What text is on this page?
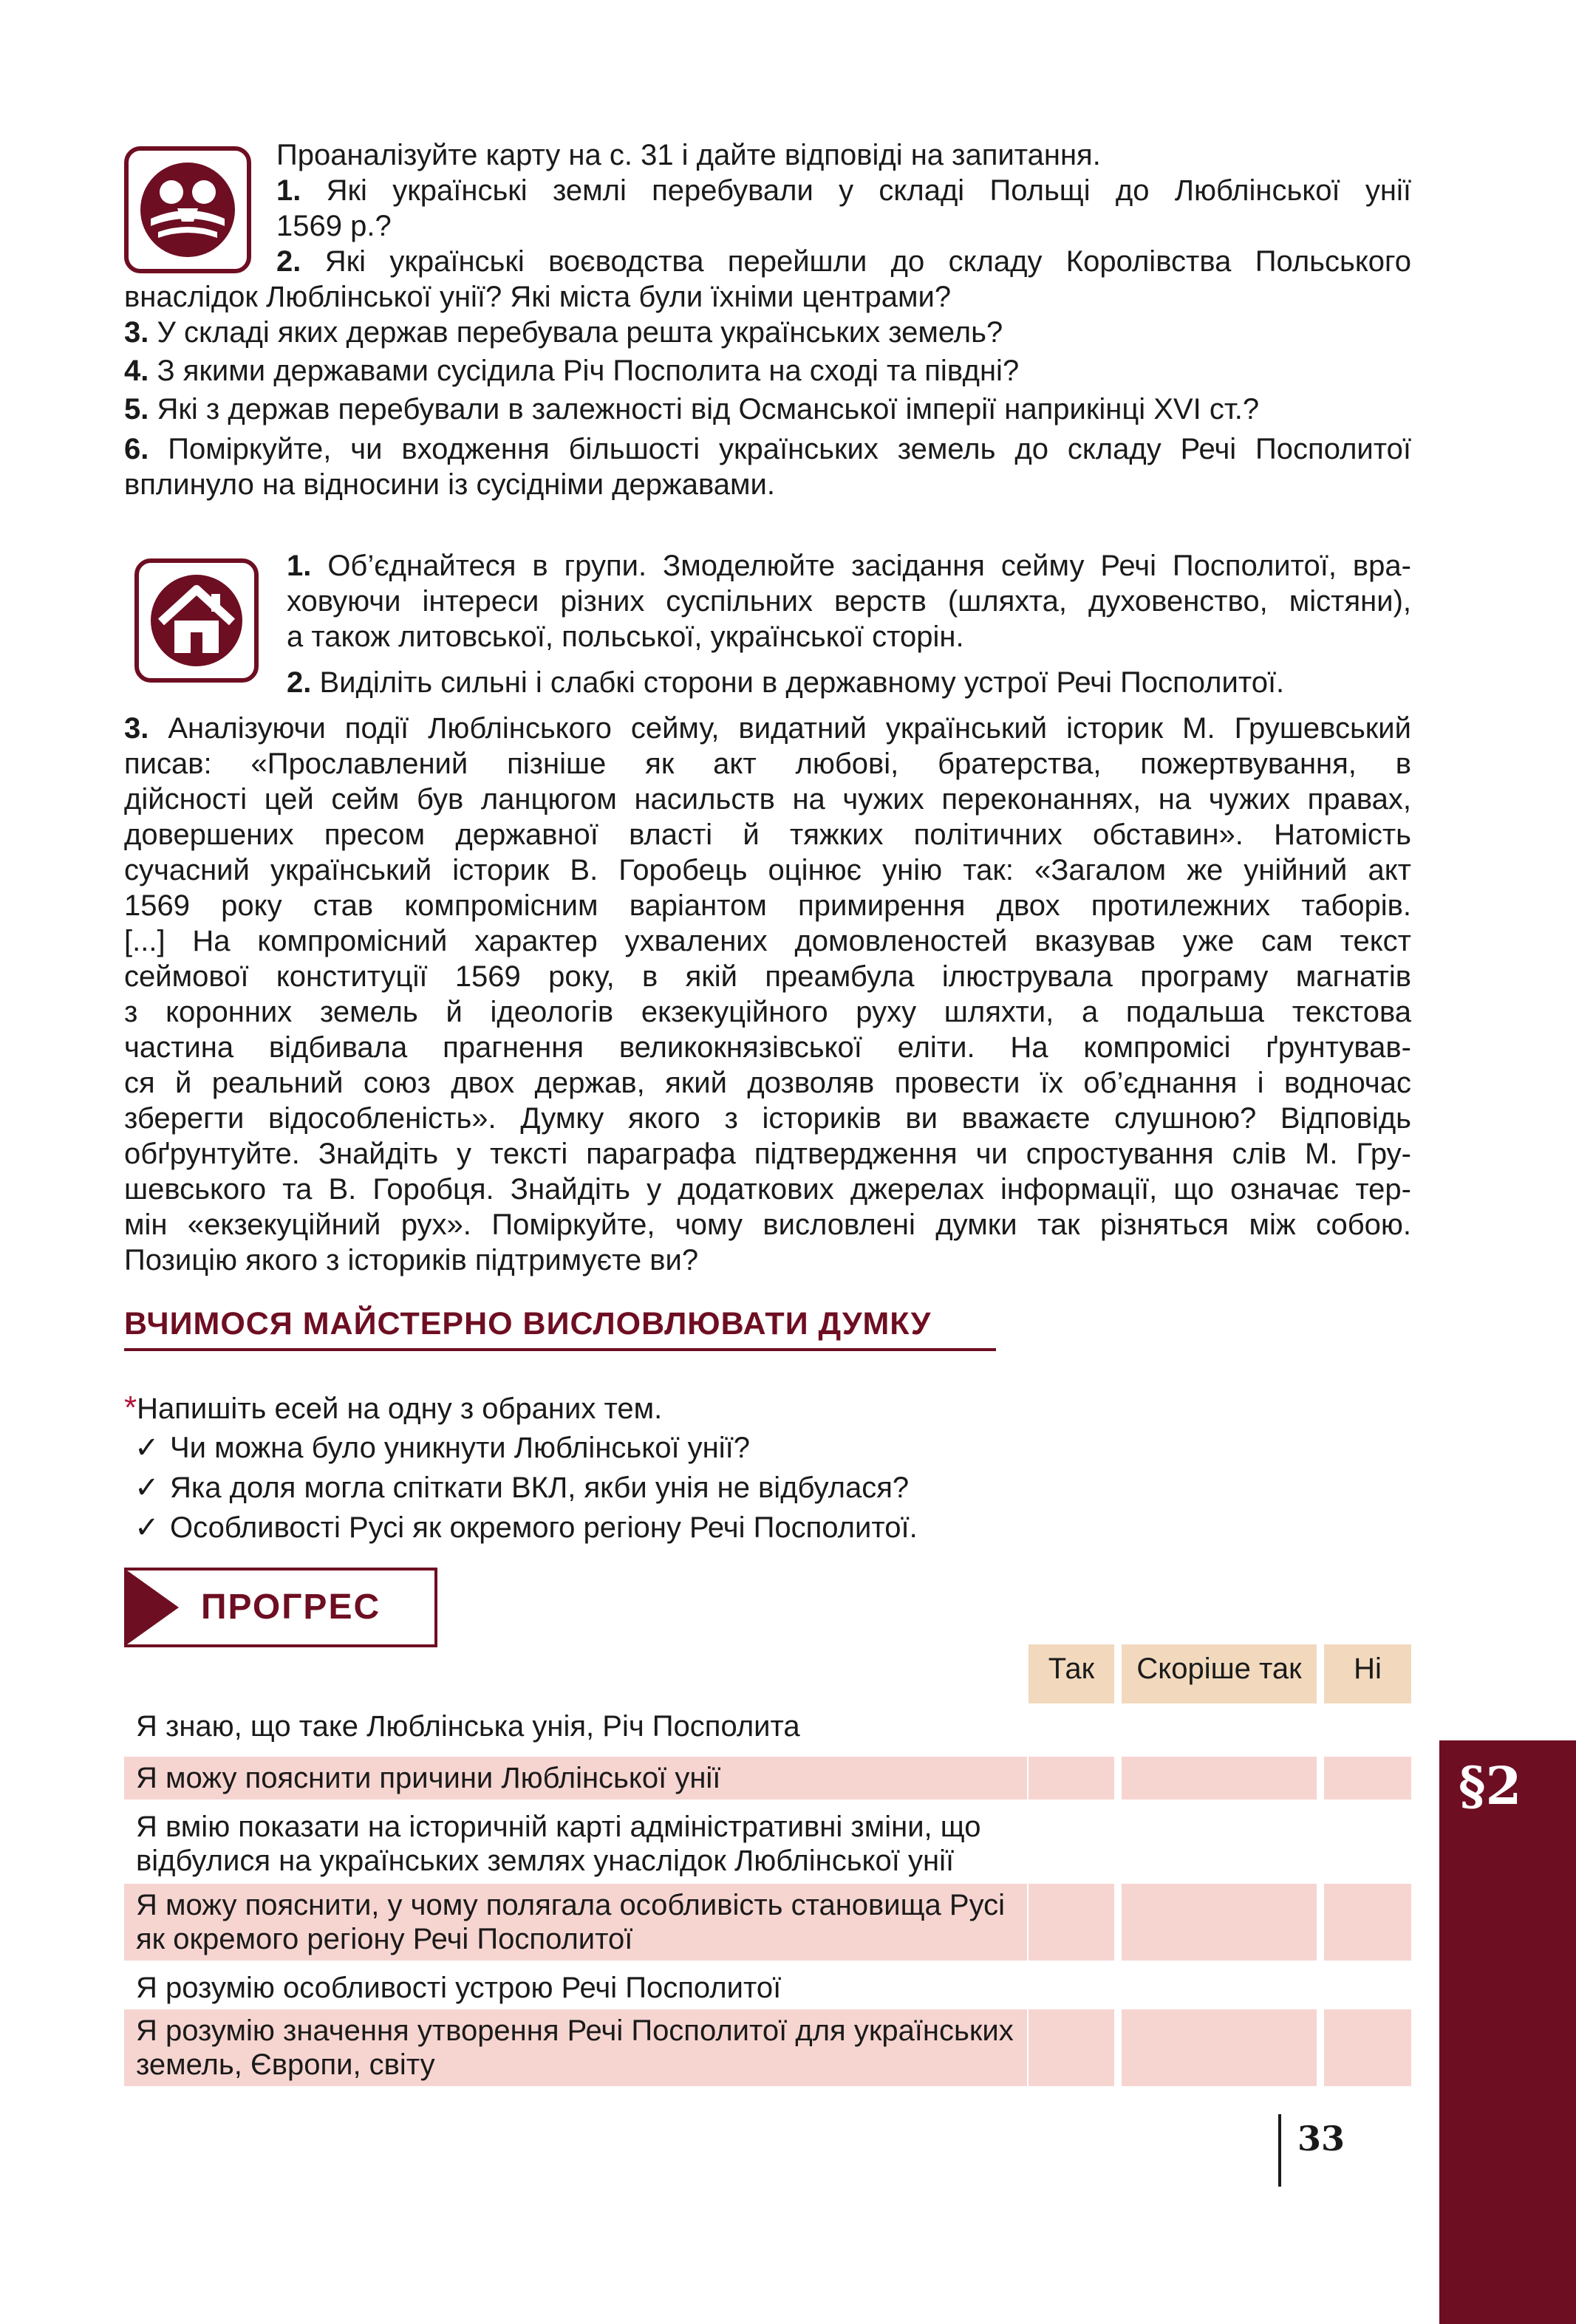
Проаналізуйте карту на с. 31 і дайте відповіді на запитання.
1. Які українські землі перебували у складі Польщі до Люблінської унії
1569 р.?
2. Які українські воєводства перейшли до складу Королівства Польського
внаслідок Люблінської унії? Які міста були їхніми центрами?
3. У складі яких держав перебувала решта українських земель?
4. З якими державами сусідила Річ Посполита на сході та півдні?
5. Які з держав перебували в залежності від Османської імперії наприкінці XVI ст.?
6. Поміркуйте, чи входження більшості українських земель до складу Речі Посполитої
вплинуло на відносини із сусідніми державами.
1. Об’єднайтеся в групи. Змоделюйте засідання сейму Речі Посполитої, вра-
ховуючи інтереси різних суспільних верств (шляхта, духовенство, містяни),
а також литовської, польської, української сторін.
2. Виділіть сильні і слабкі сторони в державному устрої Речі Посполитої.
3. Аналізуючи події Люблінського сейму, видатний український історик М. Грушевський
писав: «Прославлений пізніше як акт любові, братерства, пожертвування, в
дійсності цей сейм був ланцюгом насильств на чужих переконаннях, на чужих правах,
довершених пресом державної власті й тяжких політичних обставин». Натомість
сучасний український історик В. Горобець оцінює унію так: «Загалом же унійний акт
1569 року став компромісним варіантом примирення двох протилежних таборів.
[...] На компромісний характер ухвалених домовленостей вказував уже сам текст
сеймової конституції 1569 року, в якій преамбула ілюструвала програму магнатів
з коронних земель й ідеологів екзекуційного руху шляхти, а подальша текстова
частина відбивала прагнення великокнязівської еліти. На компромісі ґрунтував-
ся й реальний союз двох держав, який дозволяв провести їх об’єднання і водночас
зберегти відособленість». Думку якого з істориків ви вважаєте слушною? Відповідь
обґрунтуйте. Знайдіть у тексті параграфа підтвердження чи спростування слів М. Гру-
шевського та В. Горобця. Знайдіть у додаткових джерелах інформації, що означає тер-
мін «екзекуційний рух». Поміркуйте, чому висловлені думки так різняться між собою.
Позицію якого з істориків підтримуєте ви?
ВЧИМОСЯ МАЙСТЕРНО ВИСЛОВЛЮВАТИ ДУМКУ
*Напишіть есей на одну з обраних тем.
✓ Чи можна було уникнути Люблінської унії?
✓ Яка доля могла спіткати ВКЛ, якби унія не відбулася?
✓ Особливості Русі як окремого регіону Речі Посполитої.
ПРОГРЕС
Так	Скоріше так	Ні
Я знаю, що таке Люблінська унія, Річ Посполита
Я можу пояснити причини Люблінської унії
Я вмію показати на історичній карті адміністративні зміни, що
відбулися на українських землях унаслідок Люблінської унії
Я можу пояснити, у чому полягала особливість становища Русі
як окремого регіону Речі Посполитої
Я розумію особливості устрою Речі Посполитої
Я розумію значення утворення Речі Посполитої для українських
земель, Європи, світу
§2
33
